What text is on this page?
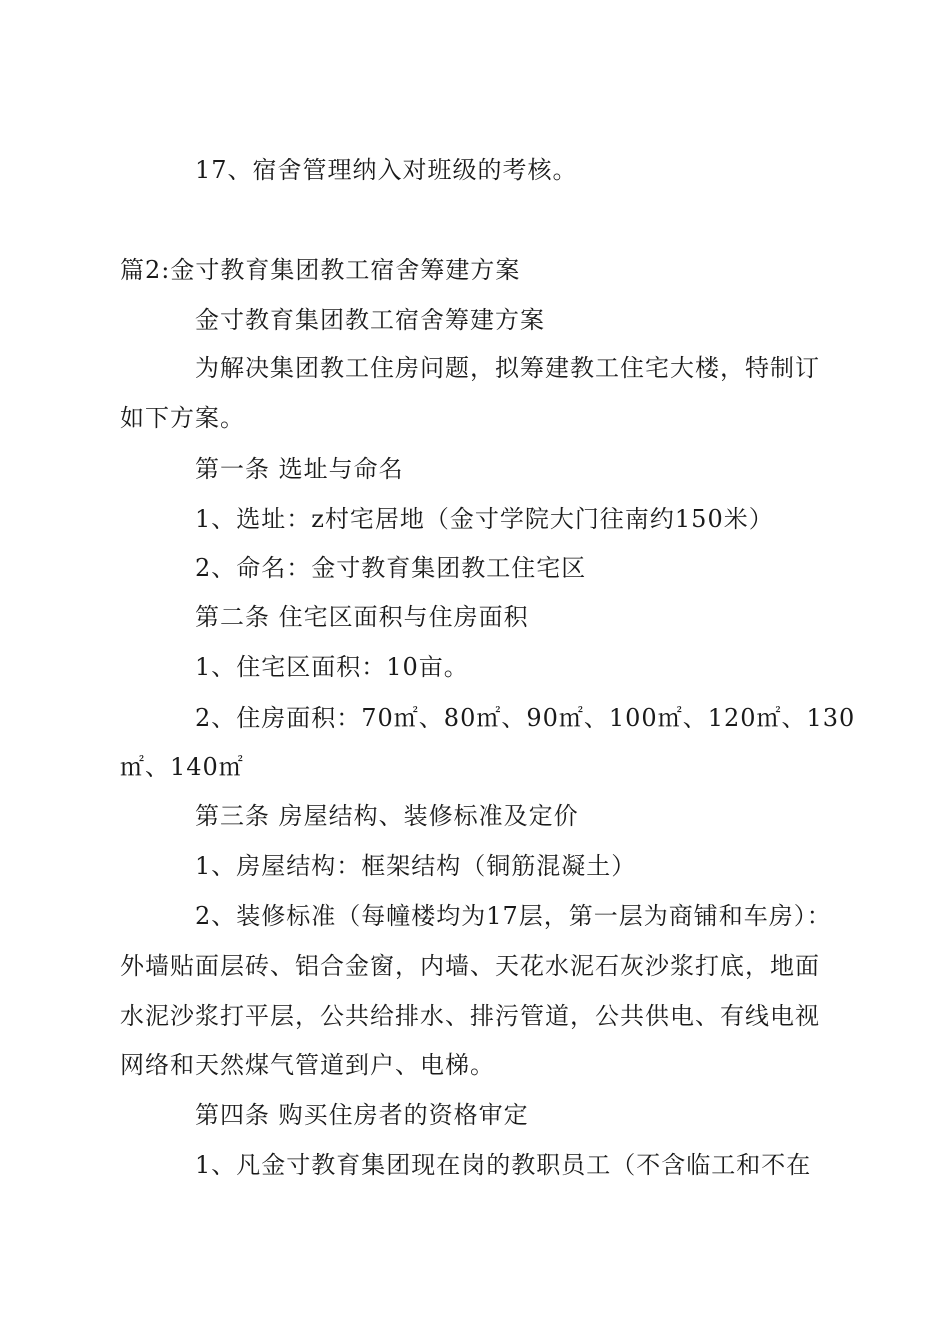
17、宿舍管理纳入对班级的考核。
篇2:金寸教育集团教工宿舍筹建方案
金寸教育集团教工宿舍筹建方案
为解决集团教工住房问题，拟筹建教工住宅大楼，特制订
如下方案。
第一条 选址与命名
1、选址：z村宅居地（金寸学院大门往南约150米）
2、命名：金寸教育集团教工住宅区
第二条 住宅区面积与住房面积
1、住宅区面积：10亩。
2、住房面积：70㎡、80㎡、90㎡、100㎡、120㎡、130
㎡、140㎡
第三条 房屋结构、装修标准及定价
1、房屋结构：框架结构（铜筋混凝土）
2、装修标准（每幢楼均为17层，第一层为商铺和车房）：
外墙贴面层砖、铝合金窗，内墙、天花水泥石灰沙浆打底，地面
水泥沙浆打平层，公共给排水、排污管道，公共供电、有线电视
网络和天然煤气管道到户、电梯。
第四条 购买住房者的资格审定
1、凡金寸教育集团现在岗的教职员工（不含临工和不在
